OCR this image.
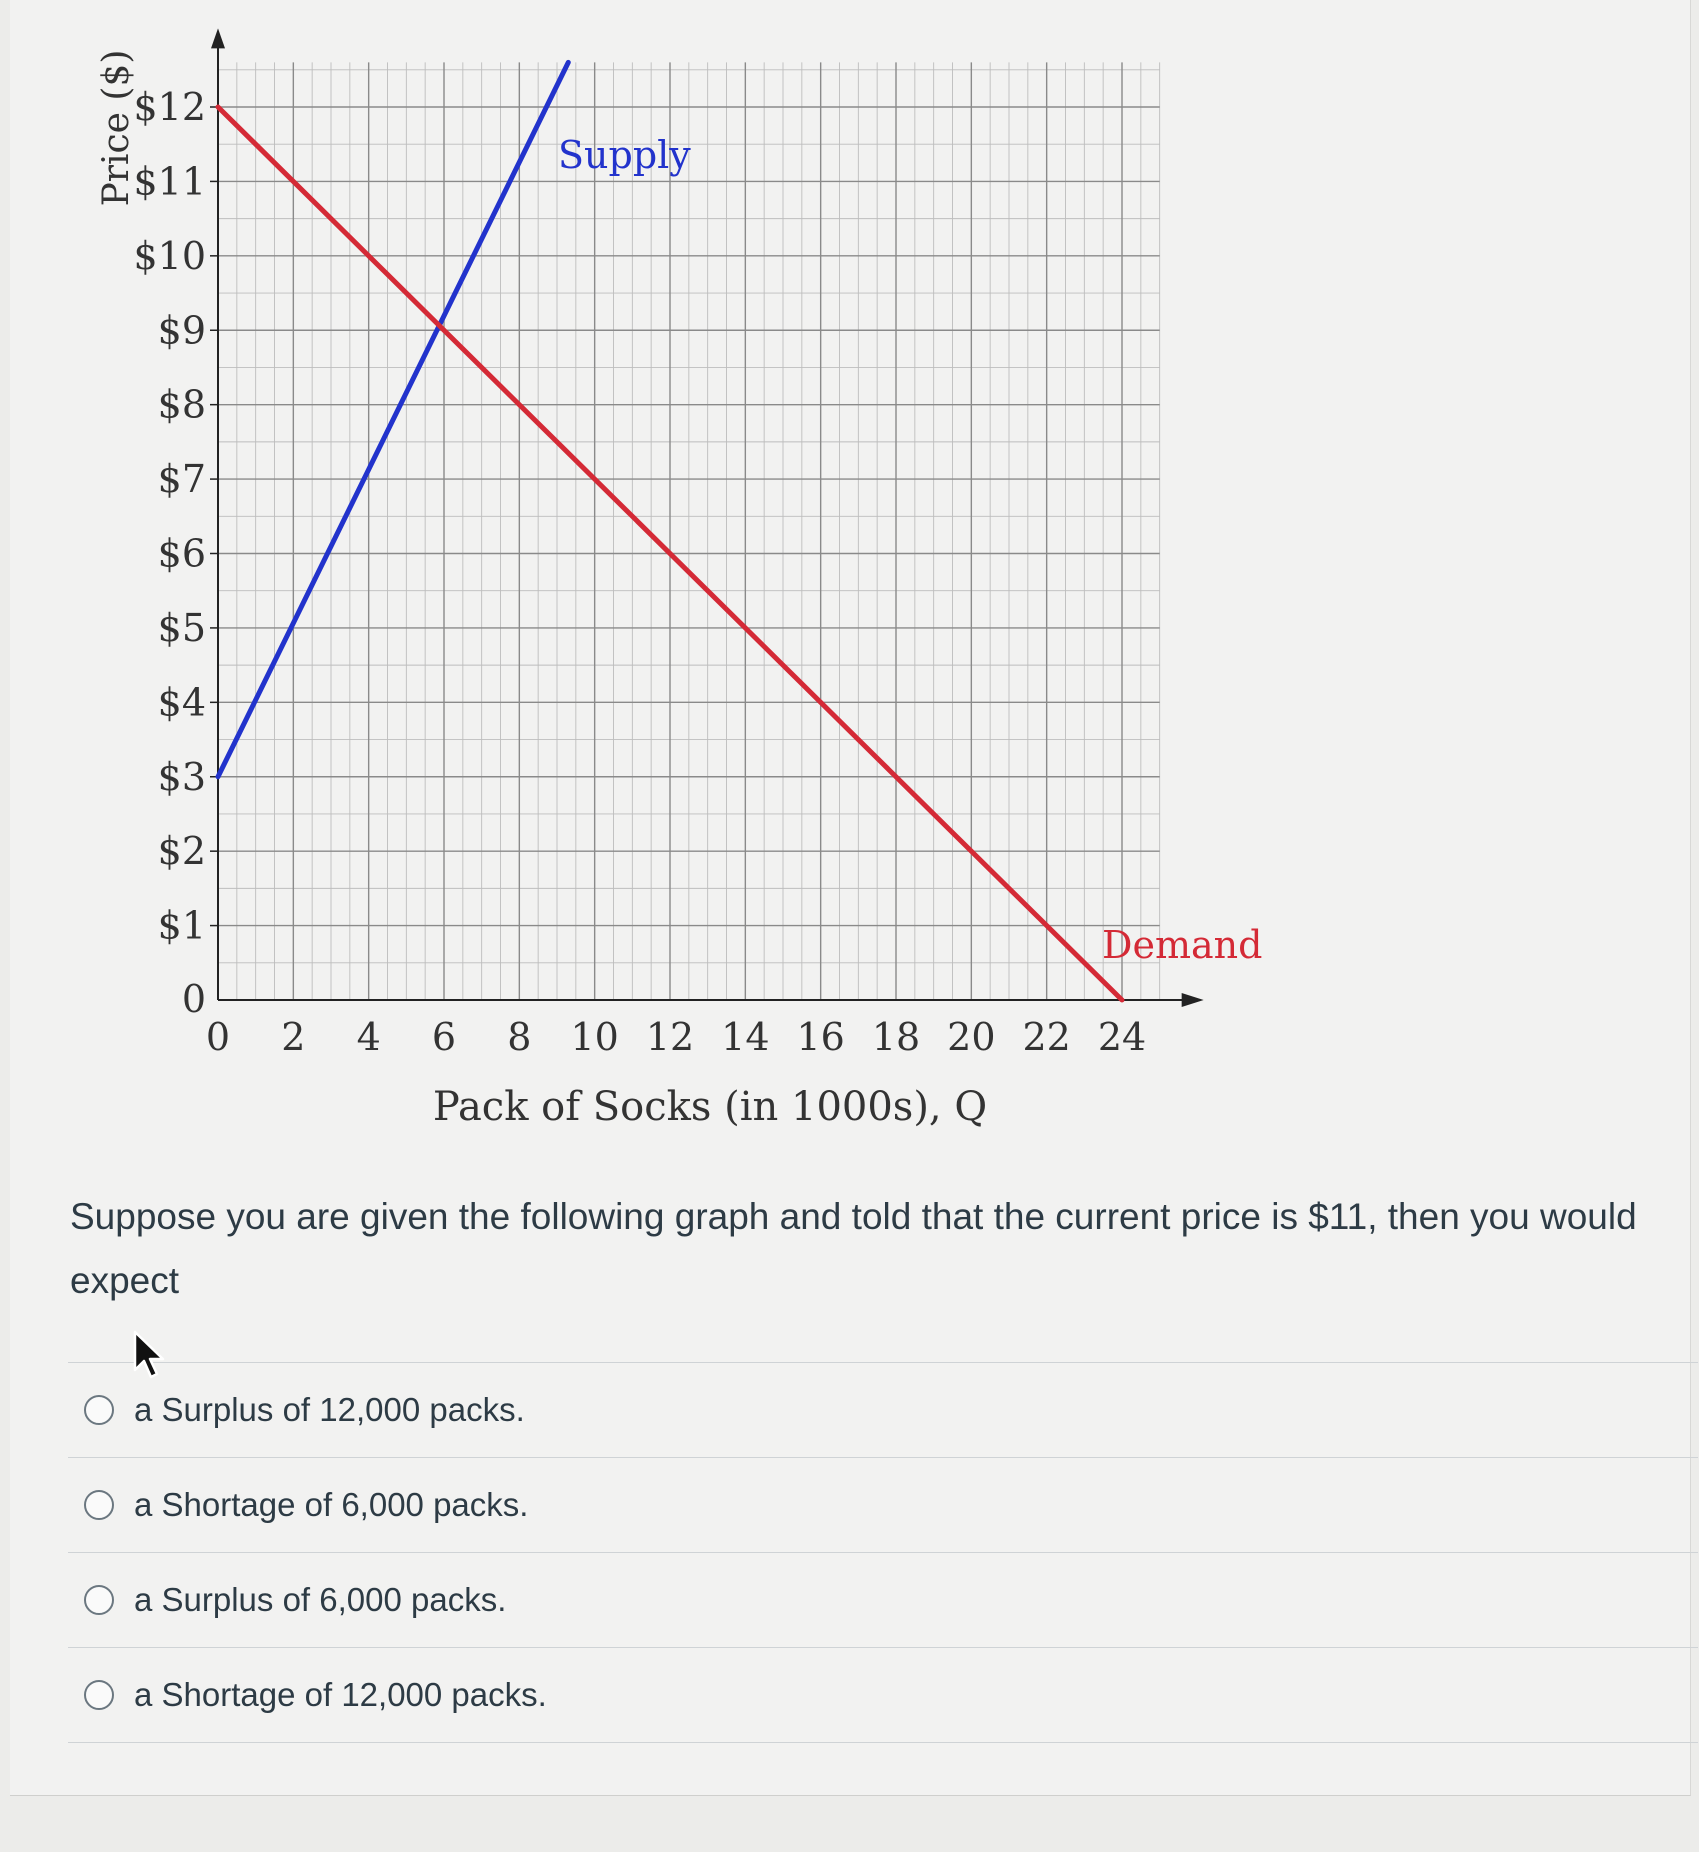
0
$1
$2
$3
$4
$5
$6
$7
$8
$9
$10
$11
$12
0 2 4 6 8 10 12 14 16 18 20 22 24
Price ($)
Pack of Socks (in 1000s), Q
Supply
Demand
Suppose you are given the following graph and told that the current price is $11, then you would expect
a Surplus of 12,000 packs.
a Shortage of 6,000 packs.
a Surplus of 6,000 packs.
a Shortage of 12,000 packs.
